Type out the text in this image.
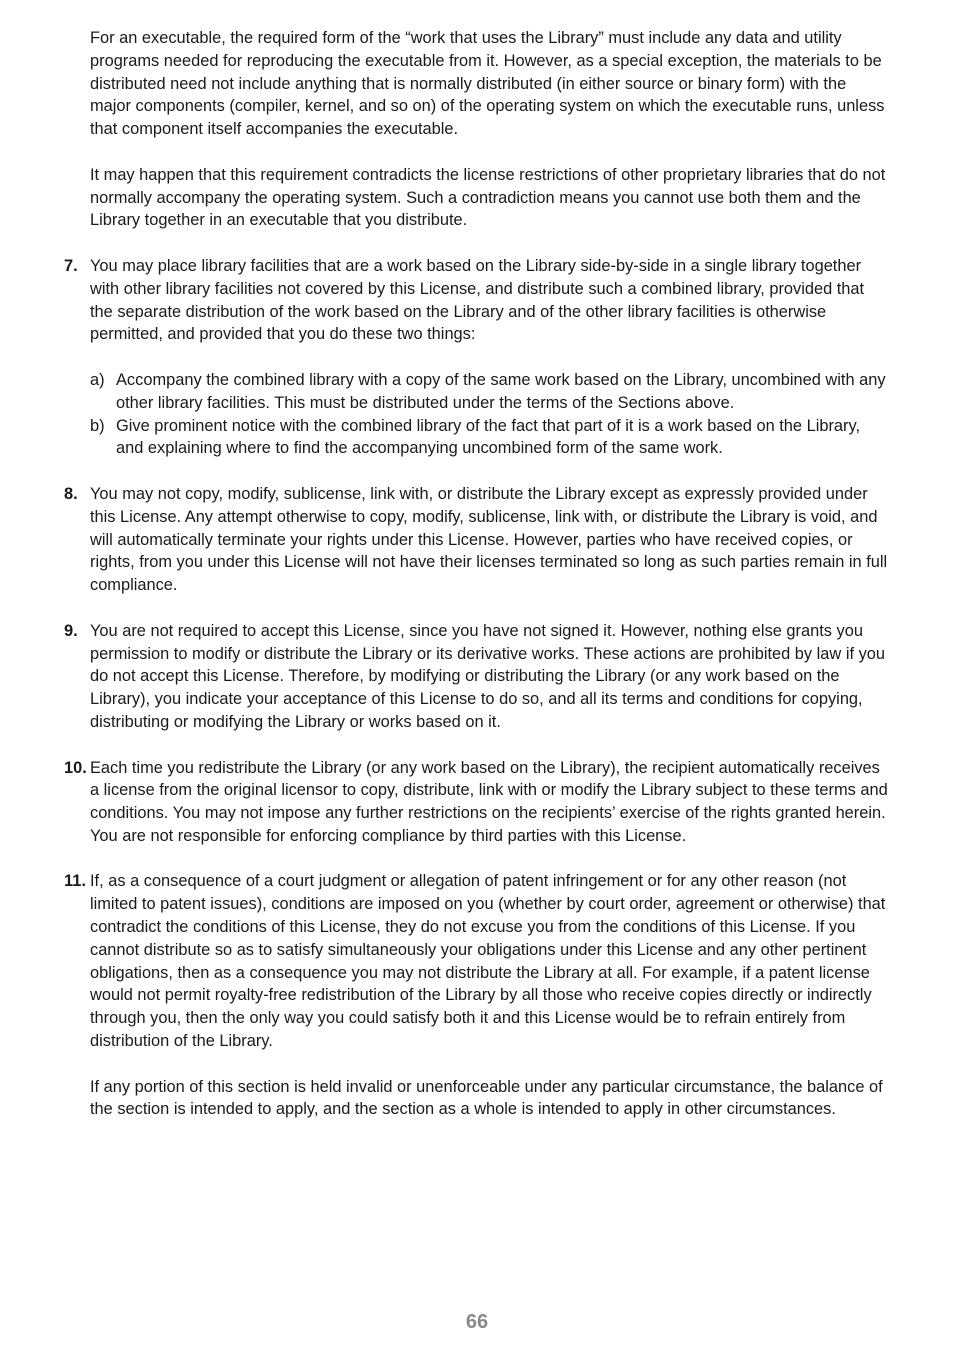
For an executable, the required form of the “work that uses the Library” must include any data and utility programs needed for reproducing the executable from it. However, as a special exception, the materials to be distributed need not include anything that is normally distributed (in either source or binary form) with the major components (compiler, kernel, and so on) of the operating system on which the executable runs, unless that component itself accompanies the executable.

It may happen that this requirement contradicts the license restrictions of other proprietary libraries that do not normally accompany the operating system. Such a contradiction means you cannot use both them and the Library together in an executable that you distribute.

7. You may place library facilities that are a work based on the Library side-by-side in a single library together with other library facilities not covered by this License, and distribute such a combined library, provided that the separate distribution of the work based on the Library and of the other library facilities is otherwise permitted, and provided that you do these two things:

a) Accompany the combined library with a copy of the same work based on the Library, uncombined with any other library facilities. This must be distributed under the terms of the Sections above.

b) Give prominent notice with the combined library of the fact that part of it is a work based on the Library, and explaining where to find the accompanying uncombined form of the same work.

8. You may not copy, modify, sublicense, link with, or distribute the Library except as expressly provided under this License. Any attempt otherwise to copy, modify, sublicense, link with, or distribute the Library is void, and will automatically terminate your rights under this License. However, parties who have received copies, or rights, from you under this License will not have their licenses terminated so long as such parties remain in full compliance.

9. You are not required to accept this License, since you have not signed it. However, nothing else grants you permission to modify or distribute the Library or its derivative works. These actions are prohibited by law if you do not accept this License. Therefore, by modifying or distributing the Library (or any work based on the Library), you indicate your acceptance of this License to do so, and all its terms and conditions for copying, distributing or modifying the Library or works based on it.

10. Each time you redistribute the Library (or any work based on the Library), the recipient automatically receives a license from the original licensor to copy, distribute, link with or modify the Library subject to these terms and conditions. You may not impose any further restrictions on the recipients’ exercise of the rights granted herein. You are not responsible for enforcing compliance by third parties with this License.

11. If, as a consequence of a court judgment or allegation of patent infringement or for any other reason (not limited to patent issues), conditions are imposed on you (whether by court order, agreement or otherwise) that contradict the conditions of this License, they do not excuse you from the conditions of this License. If you cannot distribute so as to satisfy simultaneously your obligations under this License and any other pertinent obligations, then as a consequence you may not distribute the Library at all. For example, if a patent license would not permit royalty-free redistribution of the Library by all those who receive copies directly or indirectly through you, then the only way you could satisfy both it and this License would be to refrain entirely from distribution of the Library.

If any portion of this section is held invalid or unenforceable under any particular circumstance, the balance of the section is intended to apply, and the section as a whole is intended to apply in other circumstances.

66
